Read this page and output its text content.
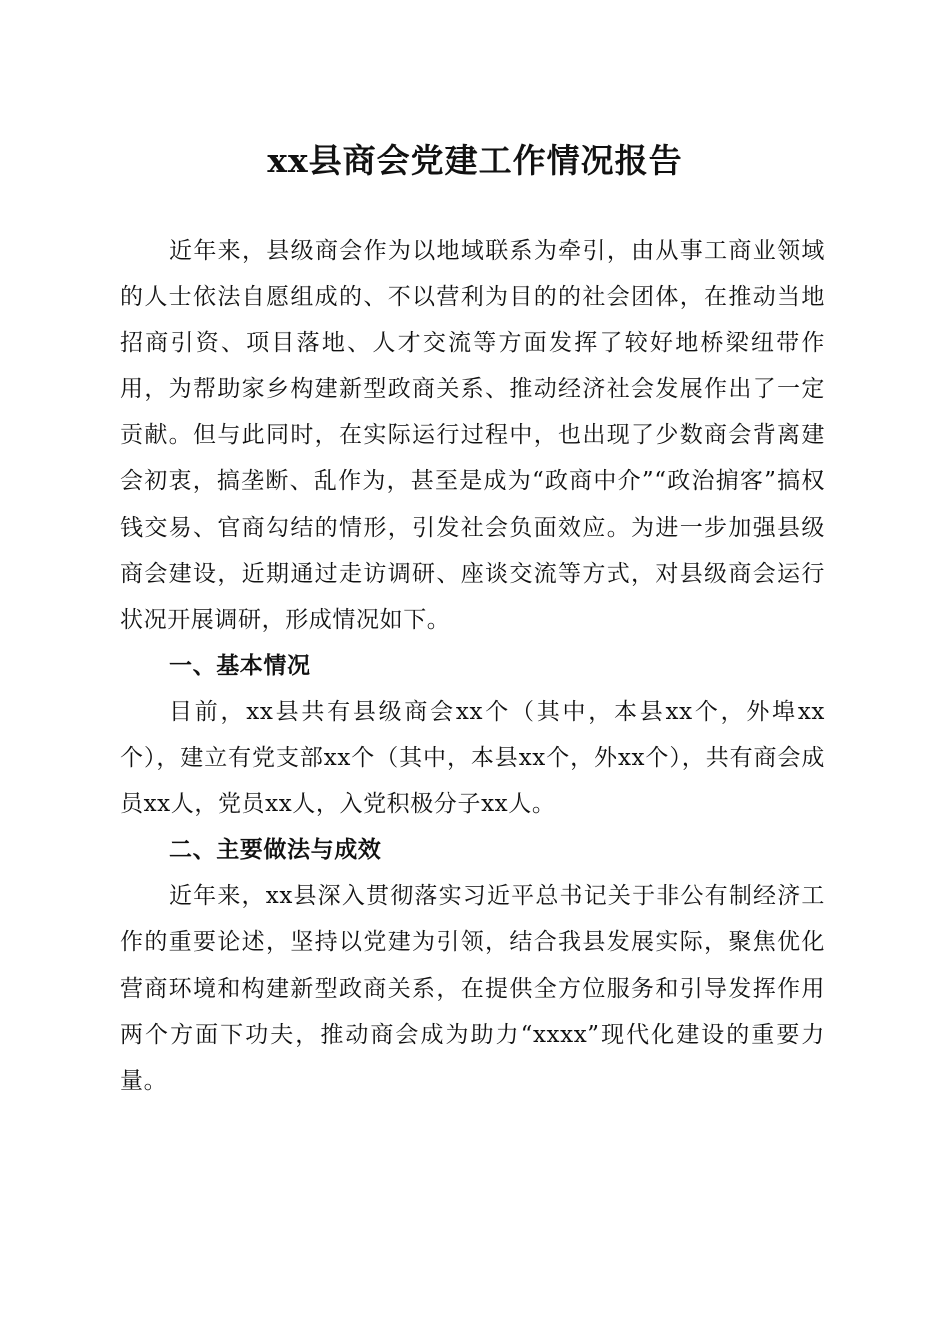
xx县商会党建工作情况报告

近年来，县级商会作为以地域联系为牵引，由从事工商业领域的人士依法自愿组成的、不以营利为目的的社会团体，在推动当地招商引资、项目落地、人才交流等方面发挥了较好地桥梁纽带作用，为帮助家乡构建新型政商关系、推动经济社会发展作出了一定贡献。但与此同时，在实际运行过程中，也出现了少数商会背离建会初衷，搞垄断、乱作为，甚至是成为“政商中介”“政治掮客”搞权钱交易、官商勾结的情形，引发社会负面效应。为进一步加强县级商会建设，近期通过走访调研、座谈交流等方式，对县级商会运行状况开展调研，形成情况如下。

一、基本情况

目前，xx县共有县级商会xx个（其中，本县xx个，外埠xx个），建立有党支部xx个（其中，本县xx个，外xx个），共有商会成员xx人，党员xx人，入党积极分子xx人。

二、主要做法与成效

近年来，xx县深入贯彻落实习近平总书记关于非公有制经济工作的重要论述，坚持以党建为引领，结合我县发展实际，聚焦优化营商环境和构建新型政商关系，在提供全方位服务和引导发挥作用两个方面下功夫，推动商会成为助力“xxxx”现代化建设的重要力量。
